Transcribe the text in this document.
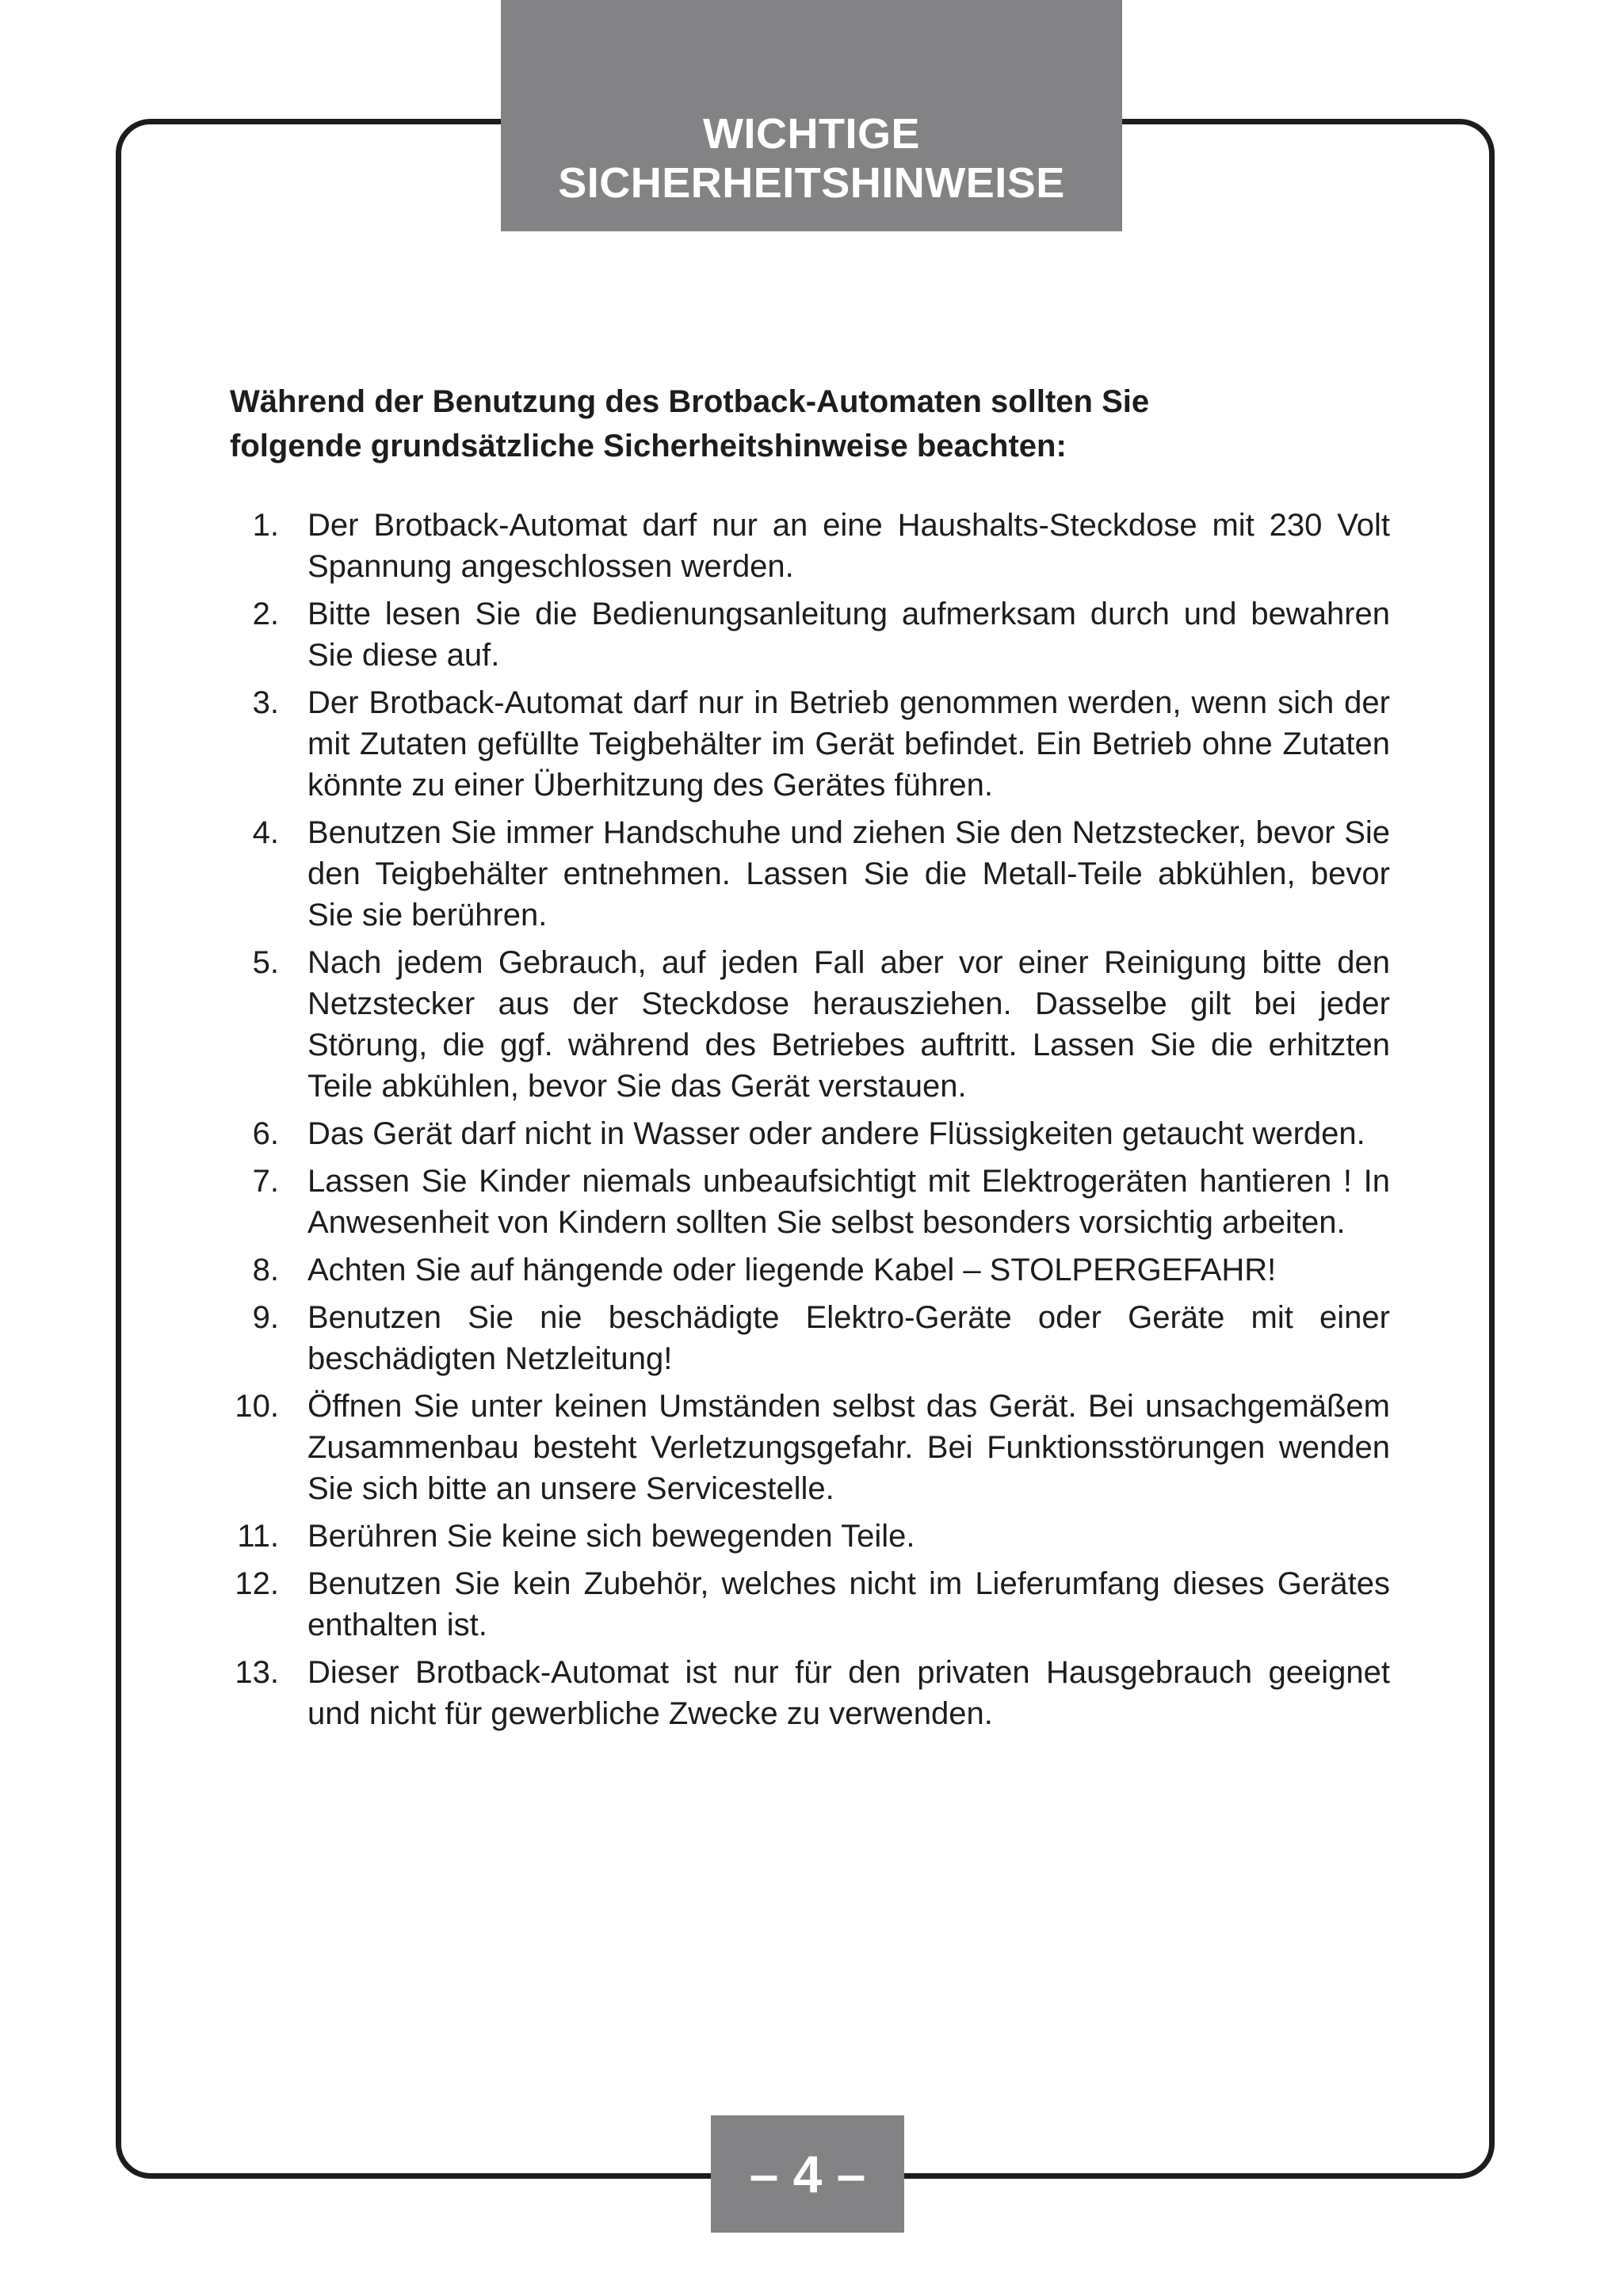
WICHTIGE
SICHERHEITSHINWEISE
Während der Benutzung des Brotback-Automaten sollten Sie
folgende grundsätzliche Sicherheitshinweise beachten:
1. Der Brotback-Automat darf nur an eine Haushalts-Steckdose mit 230 Volt Spannung angeschlossen werden.
2. Bitte lesen Sie die Bedienungsanleitung aufmerksam durch und bewahren Sie diese auf.
3. Der Brotback-Automat darf nur in Betrieb genommen werden, wenn sich der mit Zutaten gefüllte Teigbehälter im Gerät befindet. Ein Betrieb ohne Zutaten könnte zu einer Überhitzung des Gerätes führen.
4. Benutzen Sie immer Handschuhe und ziehen Sie den Netzstecker, bevor Sie den Teigbehälter entnehmen. Lassen Sie die Metall-Teile abkühlen, bevor Sie sie berühren.
5. Nach jedem Gebrauch, auf jeden Fall aber vor einer Reinigung bitte den Netzstecker aus der Steckdose herausziehen. Dasselbe gilt bei jeder Störung, die ggf. während des Betriebes auftritt. Lassen Sie die erhitzten Teile abkühlen, bevor Sie das Gerät verstauen.
6. Das Gerät darf nicht in Wasser oder andere Flüssigkeiten getaucht werden.
7. Lassen Sie Kinder niemals unbeaufsichtigt mit Elektrogeräten hantieren ! In Anwesenheit von Kindern sollten Sie selbst besonders vorsichtig arbeiten.
8. Achten Sie auf hängende oder liegende Kabel – STOLPERGEFAHR!
9. Benutzen Sie nie beschädigte Elektro-Geräte oder Geräte mit einer beschädigten Netzleitung!
10. Öffnen Sie unter keinen Umständen selbst das Gerät. Bei unsachgemäßem Zusammenbau besteht Verletzungsgefahr. Bei Funktionsstörungen wenden Sie sich bitte an unsere Servicestelle.
11. Berühren Sie keine sich bewegenden Teile.
12. Benutzen Sie kein Zubehör, welches nicht im Lieferumfang dieses Gerätes enthalten ist.
13. Dieser Brotback-Automat ist nur für den privaten Hausgebrauch geeignet und nicht für gewerbliche Zwecke zu verwenden.
– 4 –
